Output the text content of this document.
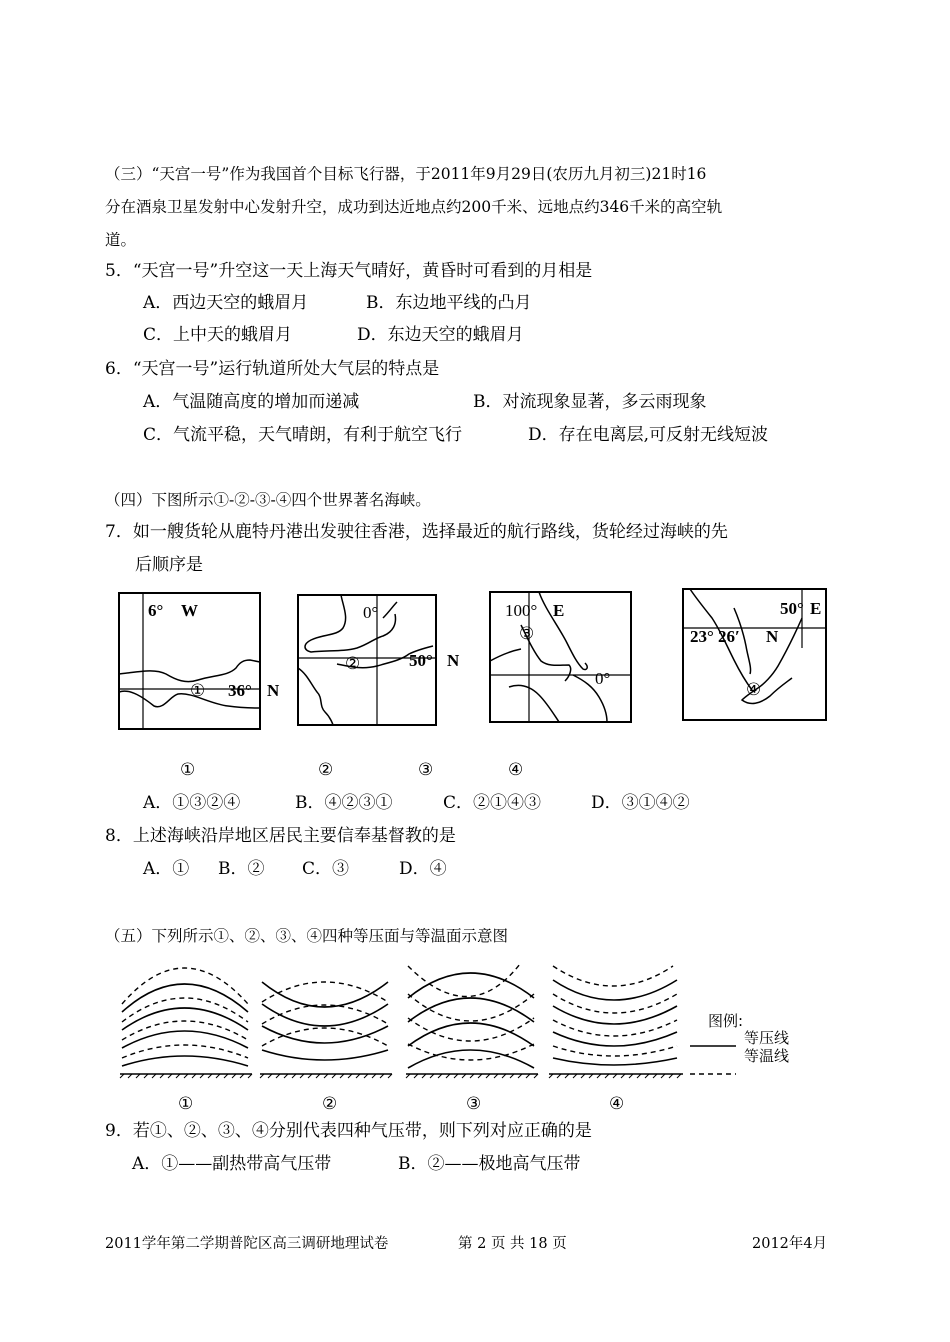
（三）“天宫一号”作为我国首个目标飞行器，于2011年9月29日(农历九月初三)21时16
分在酒泉卫星发射中心发射升空，成功到达近地点约200千米、远地点约346千米的高空轨
道。
5．“天宫一号”升空这一天上海天气晴好，黄昏时可看到的月相是
A．西边天空的蛾眉月	B．东边地平线的凸月
C．上中天的蛾眉月	D．东边天空的蛾眉月
6．“天宫一号”运行轨道所处大气层的特点是
A．气温随高度的增加而递减	B．对流现象显著，多云雨现象
C．气流平稳，天气晴朗，有利于航空飞行	D．存在电离层,可反射无线短波
（四）下图所示①-②-③-④四个世界著名海峡。
7．如一艘货轮从鹿特丹港出发驶往香港，选择最近的航行路线，货轮经过海峡的先
后顺序是
6° W
① 36° N
0°
②	50° N
100° E
③
0°
50° E
23° 26′ N
④
①	②	③	④
A．①③②④	B．④②③①	C．②①④③	D．③①④②
8．上述海峡沿岸地区居民主要信奉基督教的是
A．① B．② C．③	D．④
（五）下列所示①、②、③、④四种等压面与等温面示意图
图例:
等压线
等温线
①	②	③	④
9．若①、②、③、④分别代表四种气压带，则下列对应正确的是
A．①——副热带高气压带	B．②——极地高气压带
2011学年第二学期普陀区高三调研地理试卷	第 2 页 共 18 页	2012年4月
